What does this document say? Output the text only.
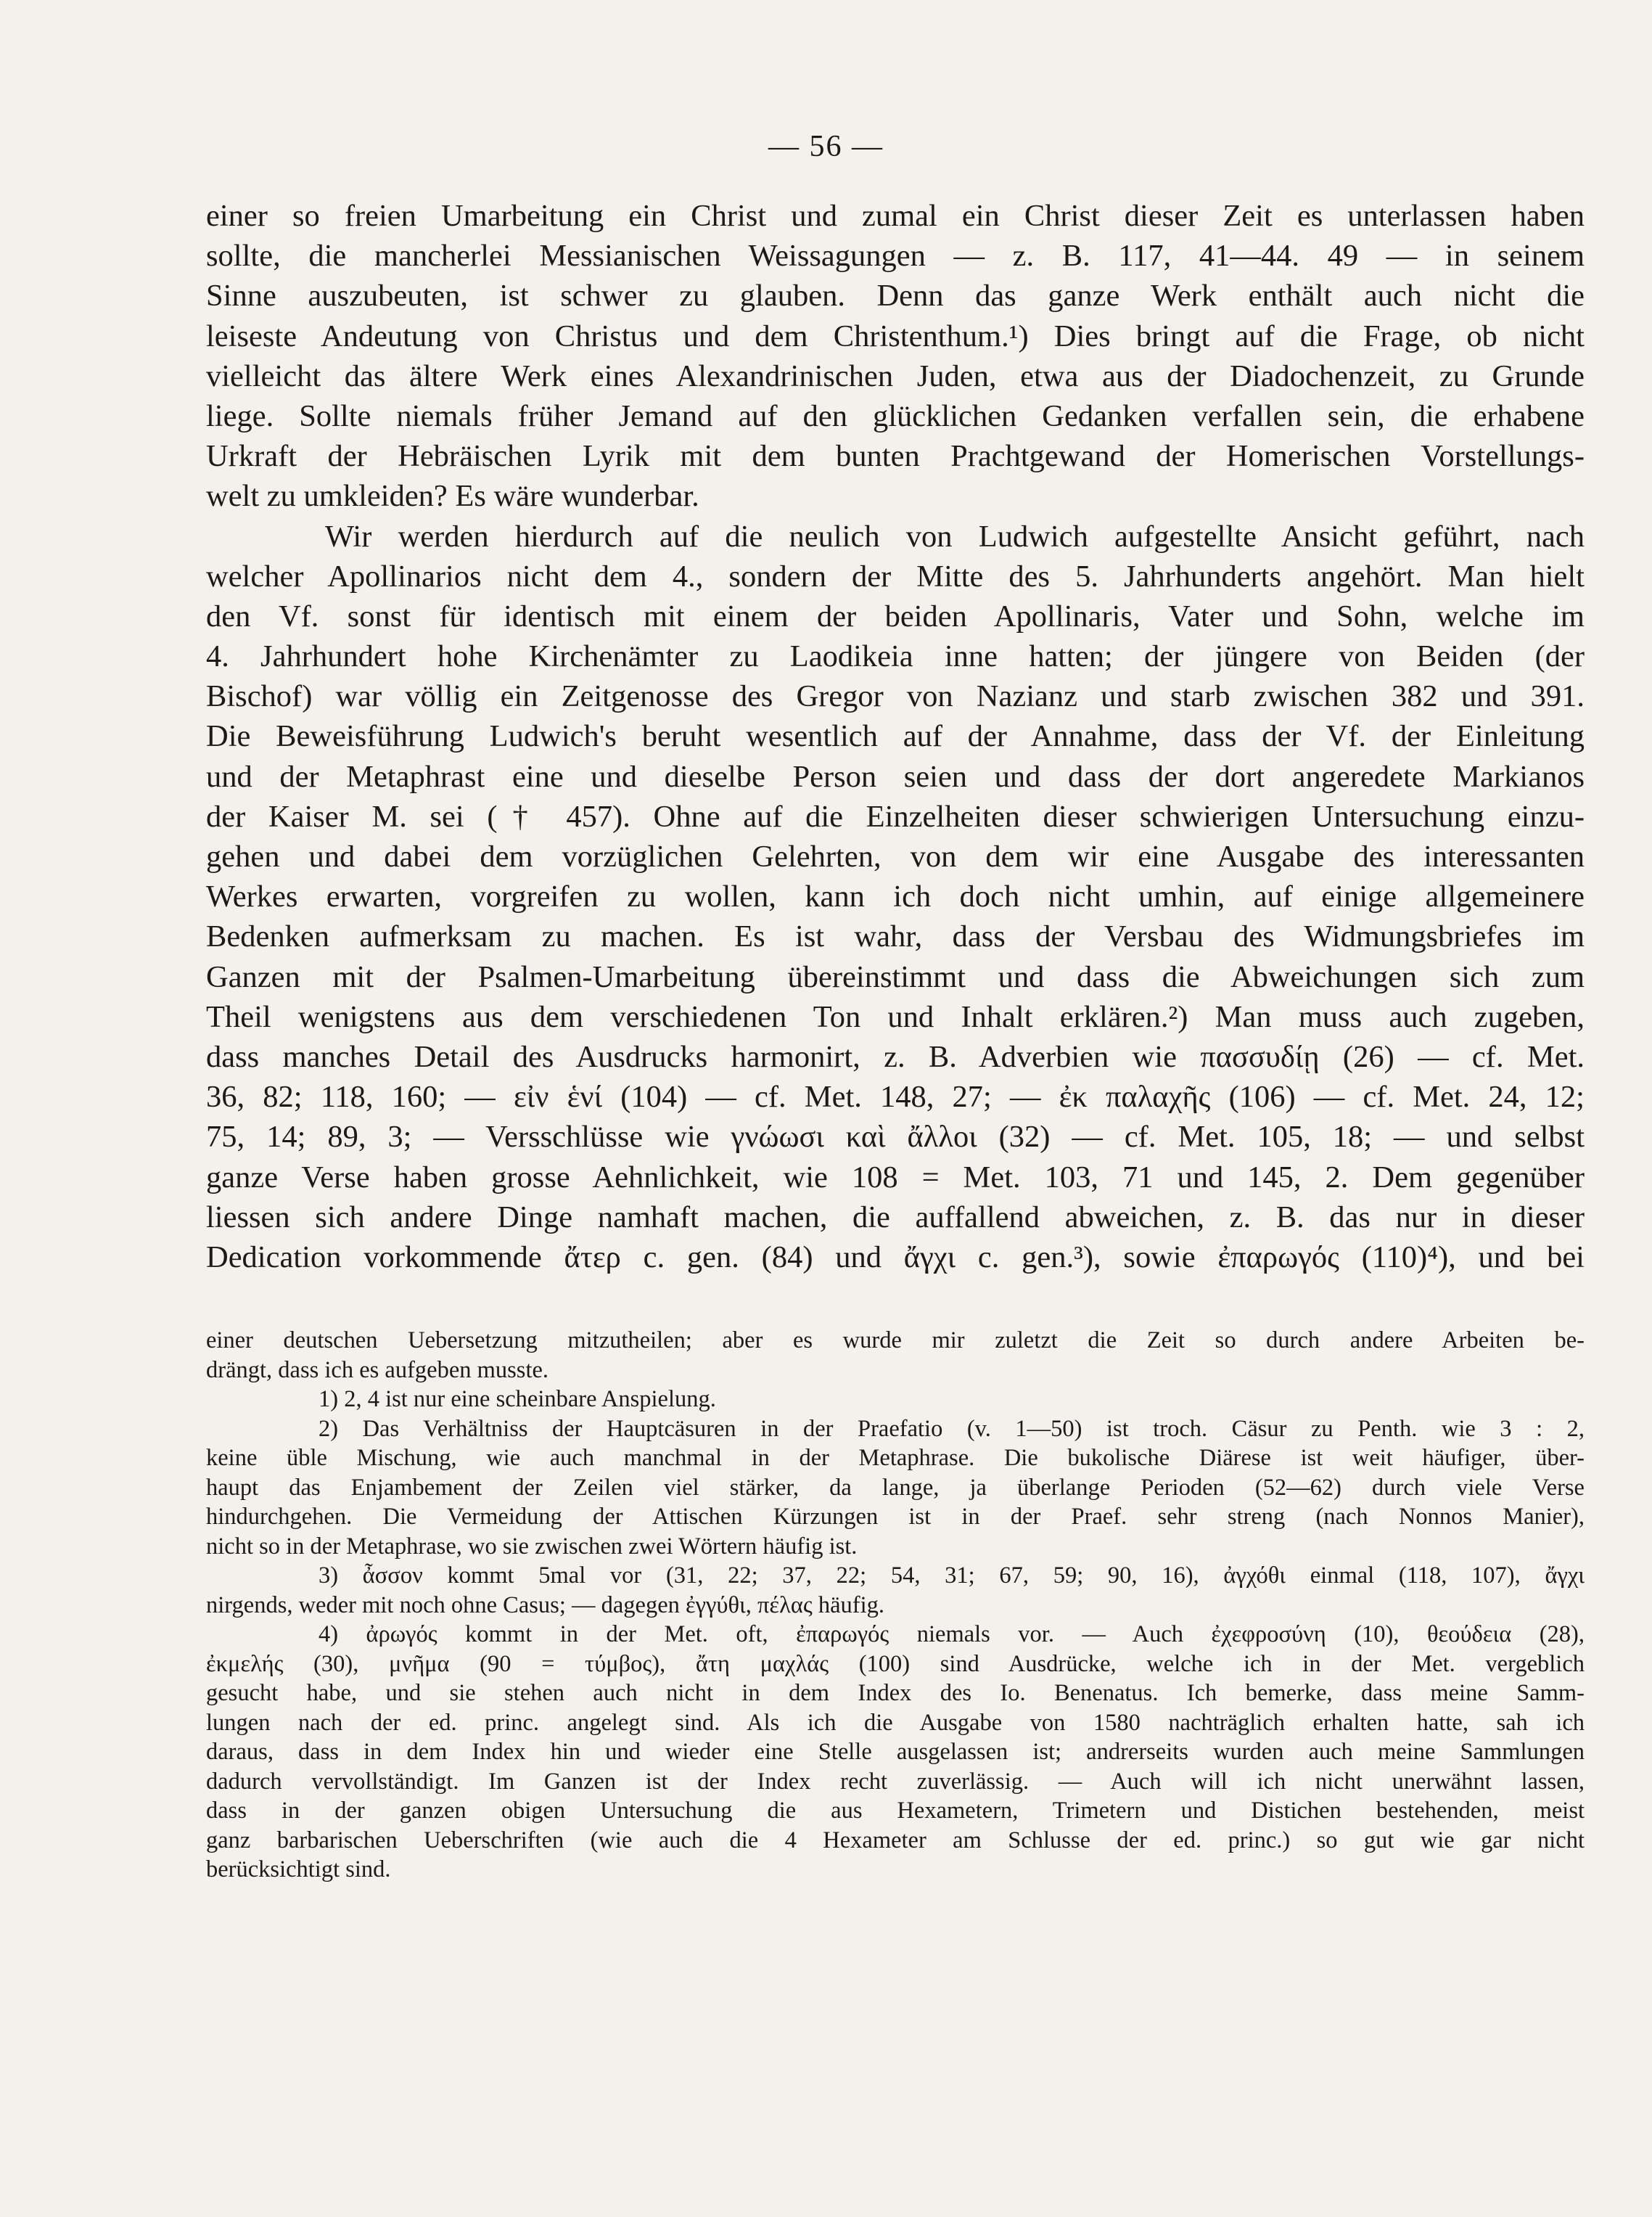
— 56 —
einer so freien Umarbeitung ein Christ und zumal ein Christ dieser Zeit es unterlassen haben
sollte, die mancherlei Messianischen Weissagungen — z. B. 117, 41—44. 49 — in seinem
Sinne auszubeuten, ist schwer zu glauben. Denn das ganze Werk enthält auch nicht die
leiseste Andeutung von Christus und dem Christenthum.¹) Dies bringt auf die Frage, ob nicht
vielleicht das ältere Werk eines Alexandrinischen Juden, etwa aus der Diadochenzeit, zu Grunde
liege. Sollte niemals früher Jemand auf den glücklichen Gedanken verfallen sein, die erhabene
Urkraft der Hebräischen Lyrik mit dem bunten Prachtgewand der Homerischen Vorstellungs-
welt zu umkleiden? Es wäre wunderbar.
Wir werden hierdurch auf die neulich von Ludwich aufgestellte Ansicht geführt, nach
welcher Apollinarios nicht dem 4., sondern der Mitte des 5. Jahrhunderts angehört. Man hielt
den Vf. sonst für identisch mit einem der beiden Apollinaris, Vater und Sohn, welche im
4. Jahrhundert hohe Kirchenämter zu Laodikeia inne hatten; der jüngere von Beiden (der
Bischof) war völlig ein Zeitgenosse des Gregor von Nazianz und starb zwischen 382 und 391.
Die Beweisführung Ludwich's beruht wesentlich auf der Annahme, dass der Vf. der Einleitung
und der Metaphrast eine und dieselbe Person seien und dass der dort angeredete Markianos
der Kaiser M. sei († 457). Ohne auf die Einzelheiten dieser schwierigen Untersuchung einzu-
gehen und dabei dem vorzüglichen Gelehrten, von dem wir eine Ausgabe des interessanten
Werkes erwarten, vorgreifen zu wollen, kann ich doch nicht umhin, auf einige allgemeinere
Bedenken aufmerksam zu machen. Es ist wahr, dass der Versbau des Widmungsbriefes im
Ganzen mit der Psalmen-Umarbeitung übereinstimmt und dass die Abweichungen sich zum
Theil wenigstens aus dem verschiedenen Ton und Inhalt erklären.²) Man muss auch zugeben,
dass manches Detail des Ausdrucks harmonirt, z. B. Adverbien wie πασσυδίῃ (26) — cf. Met.
36, 82; 118, 160; — εἰν ἑνί (104) — cf. Met. 148, 27; — ἐκ παλαχῆς (106) — cf. Met. 24, 12;
75, 14; 89, 3; — Versschlüsse wie γνώωσι καὶ ἄλλοι (32) — cf. Met. 105, 18; — und selbst
ganze Verse haben grosse Aehnlichkeit, wie 108 = Met. 103, 71 und 145, 2. Dem gegenüber
liessen sich andere Dinge namhaft machen, die auffallend abweichen, z. B. das nur in dieser
Dedication vorkommende ἄτερ c. gen. (84) und ἄγχι c. gen.³), sowie ἐπαρωγός (110)⁴), und bei
einer deutschen Uebersetzung mitzutheilen; aber es wurde mir zuletzt die Zeit so durch andere Arbeiten be-
drängt, dass ich es aufgeben musste.
1) 2, 4 ist nur eine scheinbare Anspielung.
2) Das Verhältniss der Hauptcäsuren in der Praefatio (v. 1—50) ist troch. Cäsur zu Penth. wie 3 : 2,
keine üble Mischung, wie auch manchmal in der Metaphrase. Die bukolische Diärese ist weit häufiger, über-
haupt das Enjambement der Zeilen viel stärker, da lange, ja überlange Perioden (52—62) durch viele Verse
hindurchgehen. Die Vermeidung der Attischen Kürzungen ist in der Praef. sehr streng (nach Nonnos Manier),
nicht so in der Metaphrase, wo sie zwischen zwei Wörtern häufig ist.
3) ἆσσον kommt 5mal vor (31, 22; 37, 22; 54, 31; 67, 59; 90, 16), ἀγχόθι einmal (118, 107), ἄγχι
nirgends, weder mit noch ohne Casus; — dagegen ἐγγύθι, πέλας häufig.
4) ἀρωγός kommt in der Met. oft, ἐπαρωγός niemals vor. — Auch ἐχεφροσύνη (10), θεούδεια (28),
ἐκμελής (30), μνῆμα (90 = τύμβος), ἄτη μαχλάς (100) sind Ausdrücke, welche ich in der Met. vergeblich
gesucht habe, und sie stehen auch nicht in dem Index des Io. Benenatus. Ich bemerke, dass meine Samm-
lungen nach der ed. princ. angelegt sind. Als ich die Ausgabe von 1580 nachträglich erhalten hatte, sah ich
daraus, dass in dem Index hin und wieder eine Stelle ausgelassen ist; andrerseits wurden auch meine Sammlungen
dadurch vervollständigt. Im Ganzen ist der Index recht zuverlässig. — Auch will ich nicht unerwähnt lassen,
dass in der ganzen obigen Untersuchung die aus Hexametern, Trimetern und Distichen bestehenden, meist
ganz barbarischen Ueberschriften (wie auch die 4 Hexameter am Schlusse der ed. princ.) so gut wie gar nicht
berücksichtigt sind.
